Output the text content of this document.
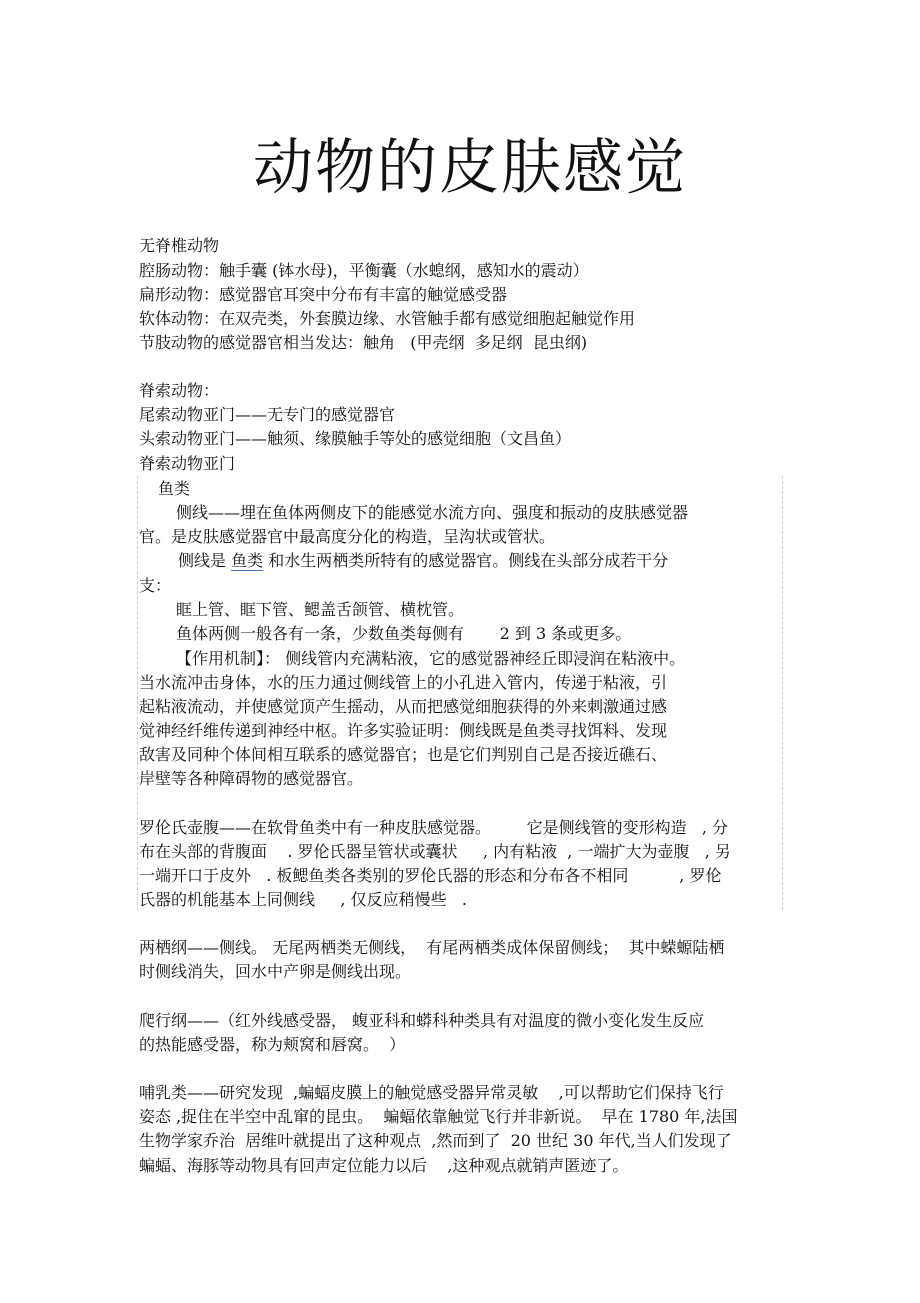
动物的皮肤感觉

无脊椎动物

腔肠动物：触手囊 (钵水母)，平衡囊（水螅纲，感知水的震动）

扁形动物：感觉器官耳突中分布有丰富的触觉感受器

软体动物：在双壳类，外套膜边缘、水管触手都有感觉细胞起触觉作用

节肢动物的感觉器官相当发达：触角   (甲壳纲  多足纲  昆虫纲)

脊索动物：

尾索动物亚门——无专门的感觉器官

头索动物亚门——触须、缘膜触手等处的感觉细胞（文昌鱼）

脊索动物亚门

鱼类

侧线——埋在鱼体两侧皮下的能感觉水流方向、强度和振动的皮肤感觉器

官。是皮肤感觉器官中最高度分化的构造，呈沟状或管状。

侧线是 鱼类 和水生两栖类所特有的感觉器官。侧线在头部分成若干分

支：

眶上管、眶下管、鳃盖舌颌管、横枕管。

鱼体两侧一般各有一条，少数鱼类每侧有       2 到 3 条或更多。

【作用机制】： 侧线管内充满粘液，它的感觉器神经丘即浸润在粘液中。

当水流冲击身体，水的压力通过侧线管上的小孔进入管内，传递于粘液，引

起粘液流动，并使感觉顶产生摇动，从而把感觉细胞获得的外来刺激通过感

觉神经纤维传递到神经中枢。许多实验证明：侧线既是鱼类寻找饵料、发现

敌害及同种个体间相互联系的感觉器官；也是它们判别自己是否接近礁石、

岸壁等各种障碍物的感觉器官。

罗伦氏壶腹——在软骨鱼类中有一种皮肤感觉器。       它是侧线管的变形构造   , 分

布在头部的背腹面    . 罗伦氏器呈管状或囊状     , 内有粘液  , 一端扩大为壶腹   , 另

一端开口于皮外   . 板鳃鱼类各类别的罗伦氏器的形态和分布各不相同          , 罗伦

氏器的机能基本上同侧线     , 仅反应稍慢些   .

两栖纲——侧线。 无尾两栖类无侧线，  有尾两栖类成体保留侧线；  其中蝾螈陆栖

时侧线消失，回水中产卵是侧线出现。

爬行纲——（红外线感受器， 蝮亚科和蟒科种类具有对温度的微小变化发生反应

的热能感受器，称为颊窝和唇窝。  ）

哺乳类——研究发现  ,蝙蝠皮膜上的触觉感受器异常灵敏    ,可以帮助它们保持飞行

姿态 ,捉住在半空中乱窜的昆虫。  蝙蝠依靠触觉飞行并非新说。  早在 1780 年,法国

生物学家乔治  居维叶就提出了这种观点  ,然而到了  20 世纪 30 年代,当人们发现了

蝙蝠、海豚等动物具有回声定位能力以后    ,这种观点就销声匿迹了。
